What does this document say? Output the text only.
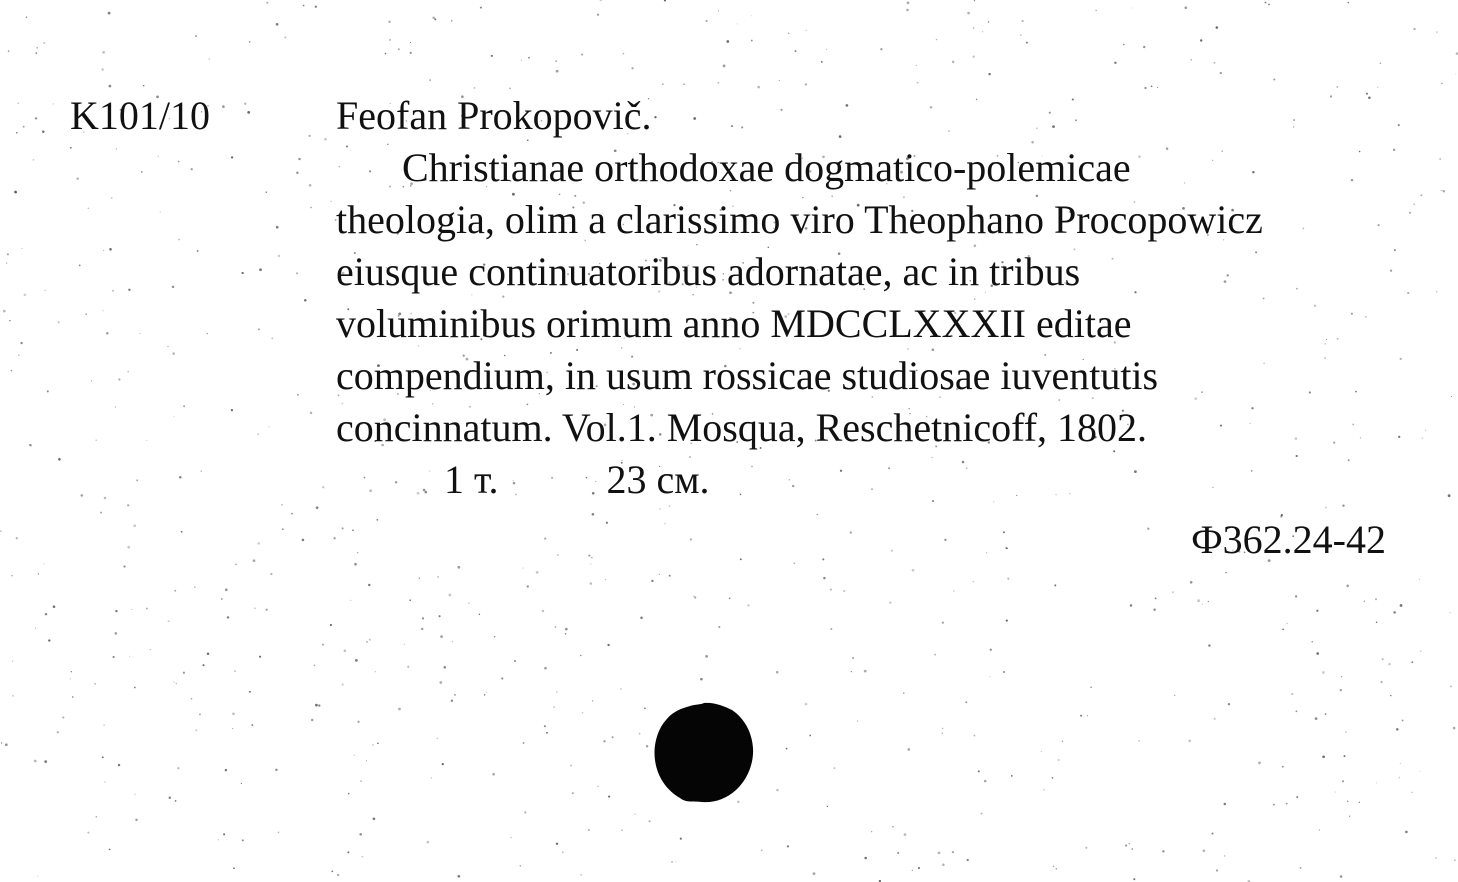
K101/10	Feofan Prokopovič.
Christianae orthodoxae dogmatico-polemicae
theologia, olim a clarissimo viro Theophano Procopowicz
eiusque continuatoribus adornatae, ac in tribus
voluminibus orimum anno MDCCLXXXII editae
compendium, in usum rossicae studiosae iuventutis
concinnatum. Vol.1. Mosqua, Reschetnicoff, 1802.
1 т.	23 см.
Ф362.24-42
